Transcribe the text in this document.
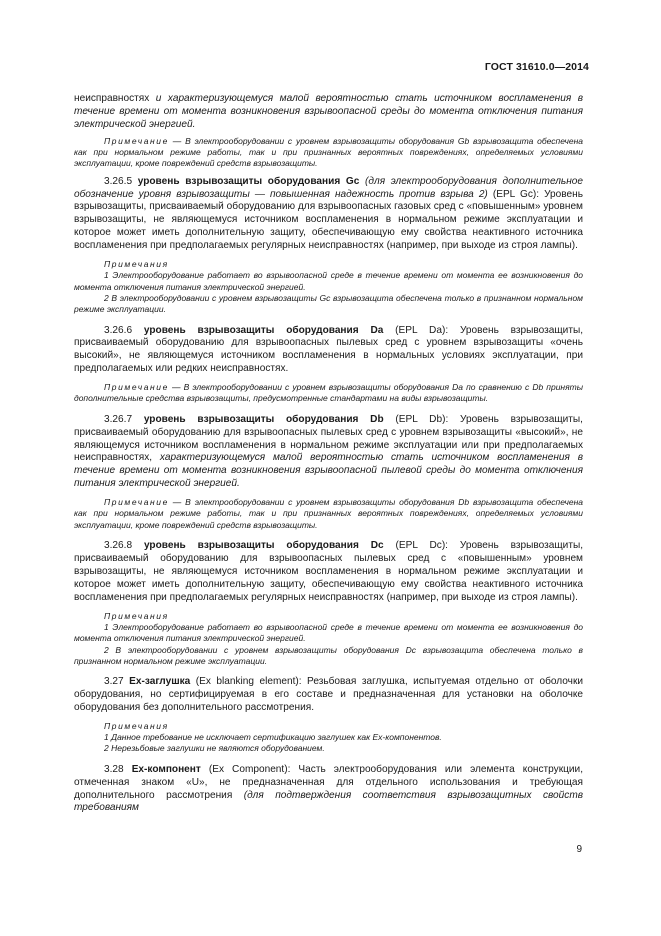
ГОСТ 31610.0—2014

неисправностях и характеризующемуся малой вероятностью стать источником воспламенения в течение времени от момента возникновения взрывоопасной среды до момента отключения питания электрической энергией.

Примечание — В электрооборудовании с уровнем взрывозащиты оборудования Gb взрывозащита обеспечена как при нормальном режиме работы, так и при признанных вероятных повреждениях, определяемых условиями эксплуатации, кроме повреждений средств взрывозащиты.

3.26.5 уровень взрывозащиты оборудования Gc (для электрооборудования дополнительное обозначение уровня взрывозащиты — повышенная надежность против взрыва 2) (EPL Gc): Уровень взрывозащиты, присваиваемый оборудованию для взрывоопасных газовых сред с «повышенным» уровнем взрывозащиты, не являющемуся источником воспламенения в нормальном режиме эксплуатации и которое может иметь дополнительную защиту, обеспечивающую ему свойства неактивного источника воспламенения при предполагаемых регулярных неисправностях (например, при выходе из строя лампы).

Примечания

1 Электрооборудование работает во взрывоопасной среде в течение времени от момента ее возникновения до момента отключения питания электрической энергией.

2 В электрооборудовании с уровнем взрывозащиты Gc взрывозащита обеспечена только в признанном нормальном режиме эксплуатации.

3.26.6 уровень взрывозащиты оборудования Da (EPL Da): Уровень взрывозащиты, присваиваемый оборудованию для взрывоопасных пылевых сред с уровнем взрывозащиты «очень высокий», не являющемуся источником воспламенения в нормальных условиях эксплуатации, при предполагаемых или редких неисправностях.

Примечание — В электрооборудовании с уровнем взрывозащиты оборудования Da по сравнению с Db приняты дополнительные средства взрывозащиты, предусмотренные стандартами на виды взрывозащиты.

3.26.7 уровень взрывозащиты оборудования Db (EPL Db): Уровень взрывозащиты, присваиваемый оборудованию для взрывоопасных пылевых сред с уровнем взрывозащиты «высокий», не являющемуся источником воспламенения в нормальном режиме эксплуатации или при предполагаемых неисправностях, характеризующемуся малой вероятностью стать источником воспламенения в течение времени от момента возникновения взрывоопасной пылевой среды до момента отключения питания электрической энергией.

Примечание — В электрооборудовании с уровнем взрывозащиты оборудования Db взрывозащита обеспечена как при нормальном режиме работы, так и при признанных вероятных повреждениях, определяемых условиями эксплуатации, кроме повреждений средств взрывозащиты.

3.26.8 уровень взрывозащиты оборудования Dc (EPL Dc): Уровень взрывозащиты, присваиваемый оборудованию для взрывоопасных пылевых сред с «повышенным» уровнем взрывозащиты, не являющемуся источником воспламенения в нормальном режиме эксплуатации и которое может иметь дополнительную защиту, обеспечивающую ему свойства неактивного источника воспламенения при предполагаемых регулярных неисправностях (например, при выходе из строя лампы).

Примечания

1 Электрооборудование работает во взрывоопасной среде в течение времени от момента ее возникновения до момента отключения питания электрической энергией.

2 В электрооборудовании с уровнем взрывозащиты оборудования Dc взрывозащита обеспечена только в признанном нормальном режиме эксплуатации.

3.27 Ex-заглушка (Ex blanking element): Резьбовая заглушка, испытуемая отдельно от оболочки оборудования, но сертифицируемая в его составе и предназначенная для установки на оболочке оборудования без дополнительного рассмотрения.

Примечания

1 Данное требование не исключает сертификацию заглушек как Ex-компонентов.

2 Нерезьбовые заглушки не являются оборудованием.

3.28 Ex-компонент (Ex Component): Часть электрооборудования или элемента конструкции, отмеченная знаком «U», не предназначенная для отдельного использования и требующая дополнительного рассмотрения (для подтверждения соответствия взрывозащитных свойств требованиям

9
